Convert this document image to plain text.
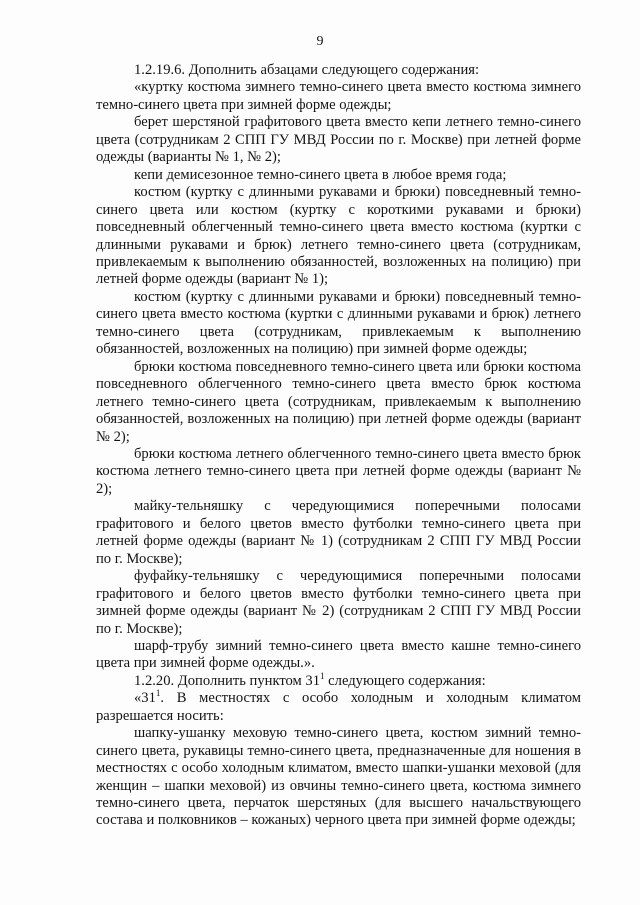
9

1.2.19.6. Дополнить абзацами следующего содержания:

«куртку костюма зимнего темно-синего цвета вместо костюма зимнего темно-синего цвета при зимней форме одежды;

берет шерстяной графитового цвета вместо кепи летнего темно-синего цвета (сотрудникам 2 СПП ГУ МВД России по г. Москве) при летней форме одежды (варианты № 1, № 2);

кепи демисезонное темно-синего цвета в любое время года;

костюм (куртку с длинными рукавами и брюки) повседневный темно-синего цвета или костюм (куртку с короткими рукавами и брюки) повседневный облегченный темно-синего цвета вместо костюма (куртки с длинными рукавами и брюк) летнего темно-синего цвета (сотрудникам, привлекаемым к выполнению обязанностей, возложенных на полицию) при летней форме одежды (вариант № 1);

костюм (куртку с длинными рукавами и брюки) повседневный темно-синего цвета вместо костюма (куртки с длинными рукавами и брюк) летнего темно-синего цвета (сотрудникам, привлекаемым к выполнению обязанностей, возложенных на полицию) при зимней форме одежды;

брюки костюма повседневного темно-синего цвета или брюки костюма повседневного облегченного темно-синего цвета вместо брюк костюма летнего темно-синего цвета (сотрудникам, привлекаемым к выполнению обязанностей, возложенных на полицию) при летней форме одежды (вариант № 2);

брюки костюма летнего облегченного темно-синего цвета вместо брюк костюма летнего темно-синего цвета при летней форме одежды (вариант № 2);

майку-тельняшку с чередующимися поперечными полосами графитового и белого цветов вместо футболки темно-синего цвета при летней форме одежды (вариант № 1) (сотрудникам 2 СПП ГУ МВД России по г. Москве);

фуфайку-тельняшку с чередующимися поперечными полосами графитового и белого цветов вместо футболки темно-синего цвета при зимней форме одежды (вариант № 2) (сотрудникам 2 СПП ГУ МВД России по г. Москве);

шарф-трубу зимний темно-синего цвета вместо кашне темно-синего цвета при зимней форме одежды.».

1.2.20. Дополнить пунктом $31^1$ следующего содержания:

«$31^1$. В местностях с особо холодным и холодным климатом разрешается носить:

шапку-ушанку меховую темно-синего цвета, костюм зимний темно-синего цвета, рукавицы темно-синего цвета, предназначенные для ношения в местностях с особо холодным климатом, вместо шапки-ушанки меховой (для женщин – шапки меховой) из овчины темно-синего цвета, костюма зимнего темно-синего цвета, перчаток шерстяных (для высшего начальствующего состава и полковников – кожаных) черного цвета при зимней форме одежды;
